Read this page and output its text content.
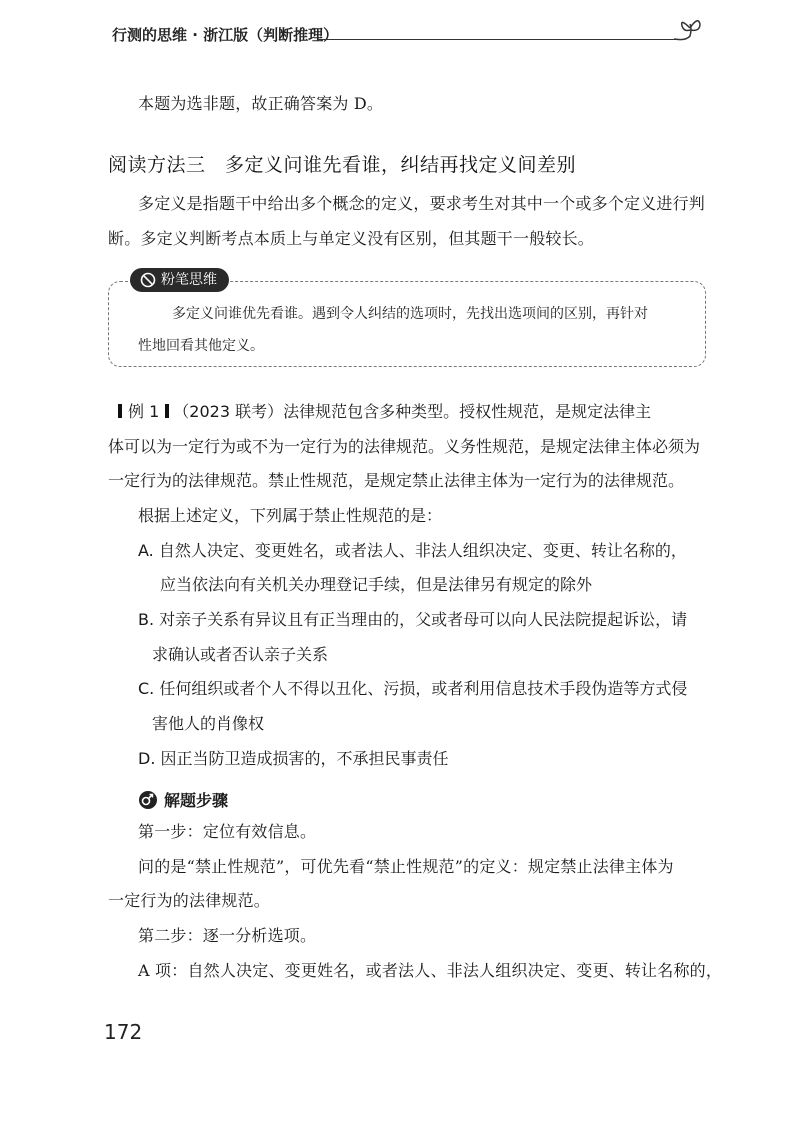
行测的思维 · 浙江版（判断推理）
本题为选非题，故正确答案为 D。
阅读方法三　多定义问谁先看谁，纠结再找定义间差别
多定义是指题干中给出多个概念的定义，要求考生对其中一个或多个定义进行判
断。多定义判断考点本质上与单定义没有区别，但其题干一般较长。
粉笔思维
多定义问谁优先看谁。遇到令人纠结的选项时，先找出选项间的区别，再针对
性地回看其他定义。
例 1 （2023 联考）法律规范包含多种类型。授权性规范，是规定法律主
体可以为一定行为或不为一定行为的法律规范。义务性规范，是规定法律主体必须为
一定行为的法律规范。禁止性规范，是规定禁止法律主体为一定行为的法律规范。
根据上述定义，下列属于禁止性规范的是：
A. 自然人决定、变更姓名，或者法人、非法人组织决定、变更、转让名称的，
应当依法向有关机关办理登记手续，但是法律另有规定的除外
B. 对亲子关系有异议且有正当理由的，父或者母可以向人民法院提起诉讼，请
求确认或者否认亲子关系
C. 任何组织或者个人不得以丑化、污损，或者利用信息技术手段伪造等方式侵
害他人的肖像权
D. 因正当防卫造成损害的，不承担民事责任
解题步骤
第一步：定位有效信息。
问的是“禁止性规范”，可优先看“禁止性规范”的定义：规定禁止法律主体为
一定行为的法律规范。
第二步：逐一分析选项。
A 项：自然人决定、变更姓名，或者法人、非法人组织决定、变更、转让名称的，
172
